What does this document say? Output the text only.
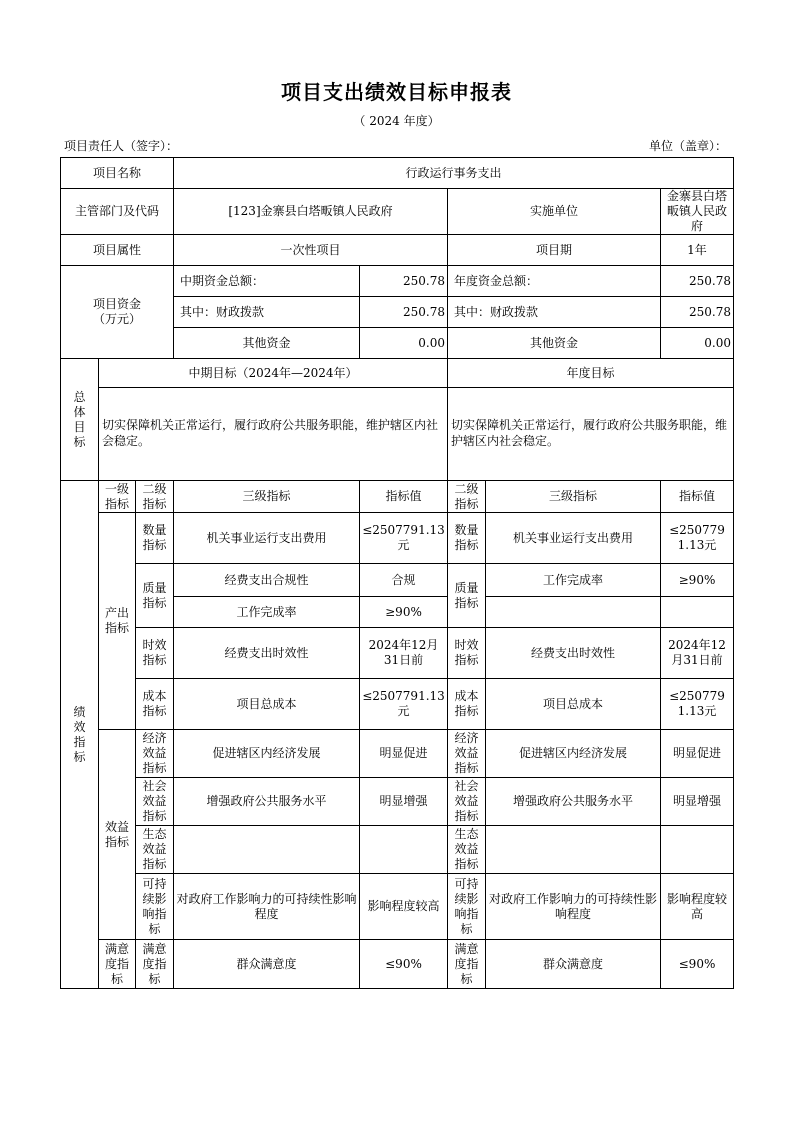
项目支出绩效目标申报表
（ 2024 年度）
项目责任人（签字）：	单位（盖章）：
项目名称			行政运行事务支出				
主管部门及代码			[123]金寨县白塔畈镇人民政府		实施单位		金寨县白塔畈镇人民政府
项目属性			一次性项目		项目期		1年
项目资金（万元）			中期资金总额：	250.78	年度资金总额：		250.78
			其中：财政拨款	250.78	其中：财政拨款		250.78
			其他资金	0.00	其他资金		0.00
总体目标	中期目标（2024年—2024年）				年度目标		
	切实保障机关正常运行，履行政府公共服务职能，维护辖区内社会稳定。				切实保障机关正常运行，履行政府公共服务职能，维护辖区内社会稳定。		
绩效指标	一级指标	二级指标	三级指标	指标值	二级指标	三级指标	指标值
	产出指标	数量指标	机关事业运行支出费用	≤2507791.13元	数量指标	机关事业运行支出费用	≤2507791.13元
		质量指标	经费支出合规性	合规	质量指标	工作完成率	≥90%
			工作完成率	≥90%			
		时效指标	经费支出时效性	2024年12月31日前	时效指标	经费支出时效性	2024年12月31日前
		成本指标	项目总成本	≤2507791.13元	成本指标	项目总成本	≤2507791.13元
	效益指标	经济效益指标	促进辖区内经济发展	明显促进	经济效益指标	促进辖区内经济发展	明显促进
		社会效益指标	增强政府公共服务水平	明显增强	社会效益指标	增强政府公共服务水平	明显增强
		生态效益指标			生态效益指标		
		可持续影响指标	对政府工作影响力的可持续性影响程度	影响程度较高	可持续影响指标	对政府工作影响力的可持续性影响程度	影响程度较高
	满意度指标	满意度指标	群众满意度	≤90%	满意度指标	群众满意度	≤90%
